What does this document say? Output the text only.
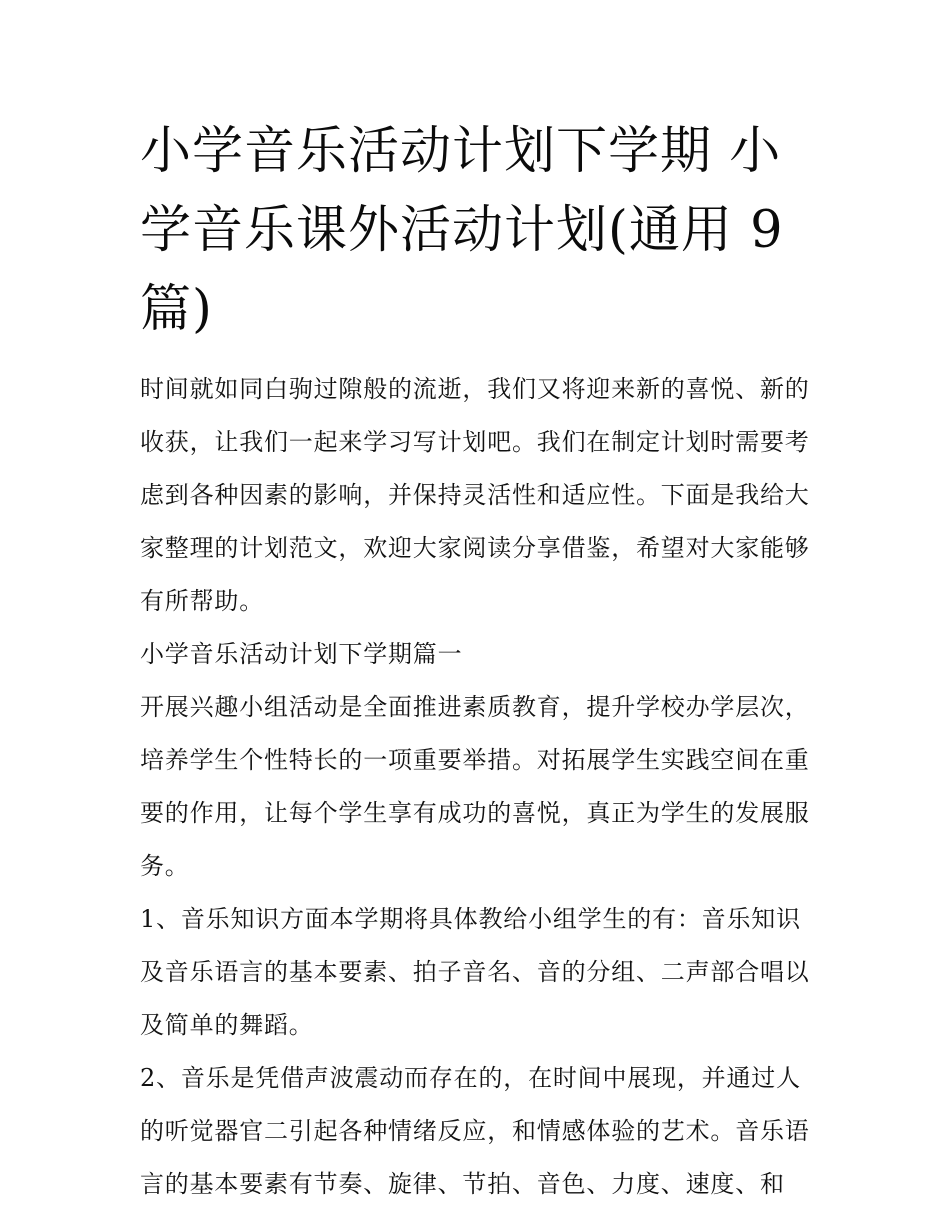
小学音乐活动计划下学期 小学音乐课外活动计划(通用 9 篇)

时间就如同白驹过隙般的流逝，我们又将迎来新的喜悦、新的收获，让我们一起来学习写计划吧。我们在制定计划时需要考虑到各种因素的影响，并保持灵活性和适应性。下面是我给大家整理的计划范文，欢迎大家阅读分享借鉴，希望对大家能够有所帮助。

小学音乐活动计划下学期篇一

开展兴趣小组活动是全面推进素质教育，提升学校办学层次，培养学生个性特长的一项重要举措。对拓展学生实践空间在重要的作用，让每个学生享有成功的喜悦，真正为学生的发展服务。

1、音乐知识方面本学期将具体教给小组学生的有：音乐知识及音乐语言的基本要素、拍子音名、音的分组、二声部合唱以及简单的舞蹈。

2、音乐是凭借声波震动而存在的，在时间中展现，并通过人的听觉器官二引起各种情绪反应，和情感体验的艺术。音乐语言的基本要素有节奏、旋律、节拍、音色、力度、速度、和
